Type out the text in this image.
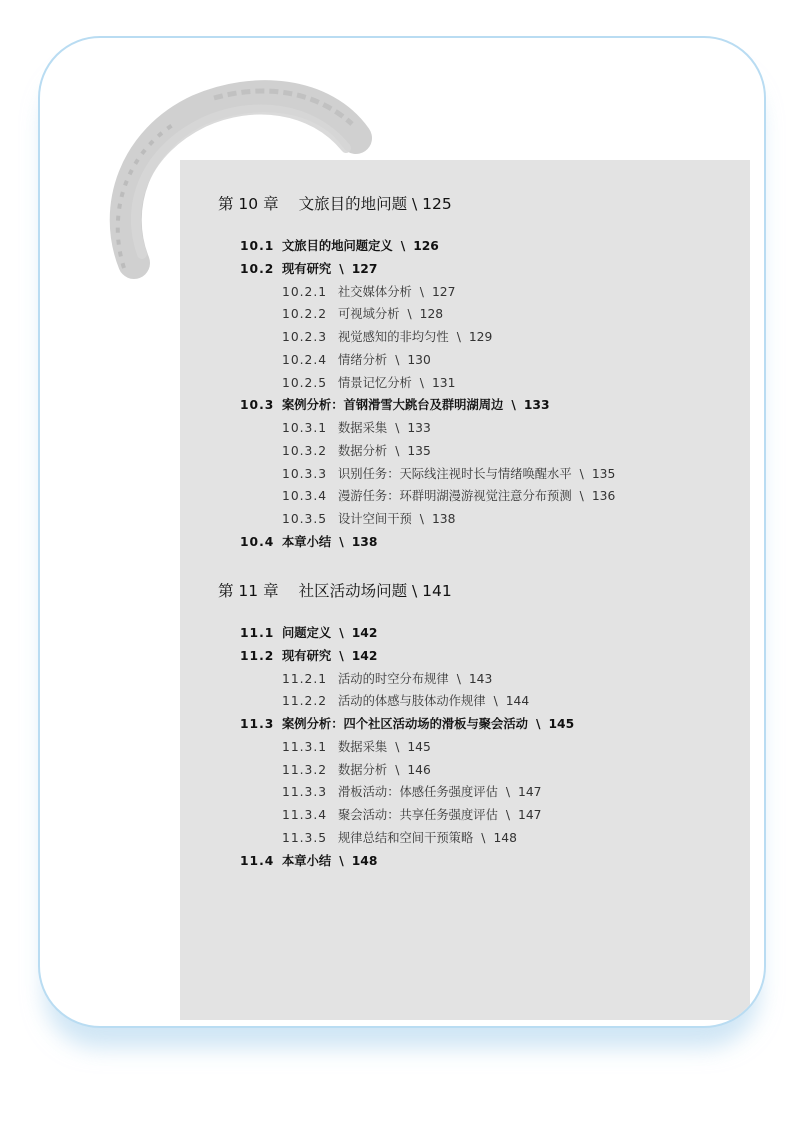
第 10 章 文旅目的地问题 \ 125
10.1 文旅目的地问题定义 \ 126
10.2 现有研究 \ 127
10.2.1 社交媒体分析 \ 127
10.2.2 可视域分析 \ 128
10.2.3 视觉感知的非均匀性 \ 129
10.2.4 情绪分析 \ 130
10.2.5 情景记忆分析 \ 131
10.3 案例分析：首钢滑雪大跳台及群明湖周边 \ 133
10.3.1 数据采集 \ 133
10.3.2 数据分析 \ 135
10.3.3 识别任务：天际线注视时长与情绪唤醒水平 \ 135
10.3.4 漫游任务：环群明湖漫游视觉注意分布预测 \ 136
10.3.5 设计空间干预 \ 138
10.4 本章小结 \ 138
第 11 章 社区活动场问题 \ 141
11.1 问题定义 \ 142
11.2 现有研究 \ 142
11.2.1 活动的时空分布规律 \ 143
11.2.2 活动的体感与肢体动作规律 \ 144
11.3 案例分析：四个社区活动场的滑板与聚会活动 \ 145
11.3.1 数据采集 \ 145
11.3.2 数据分析 \ 146
11.3.3 滑板活动：体感任务强度评估 \ 147
11.3.4 聚会活动：共享任务强度评估 \ 147
11.3.5 规律总结和空间干预策略 \ 148
11.4 本章小结 \ 148
